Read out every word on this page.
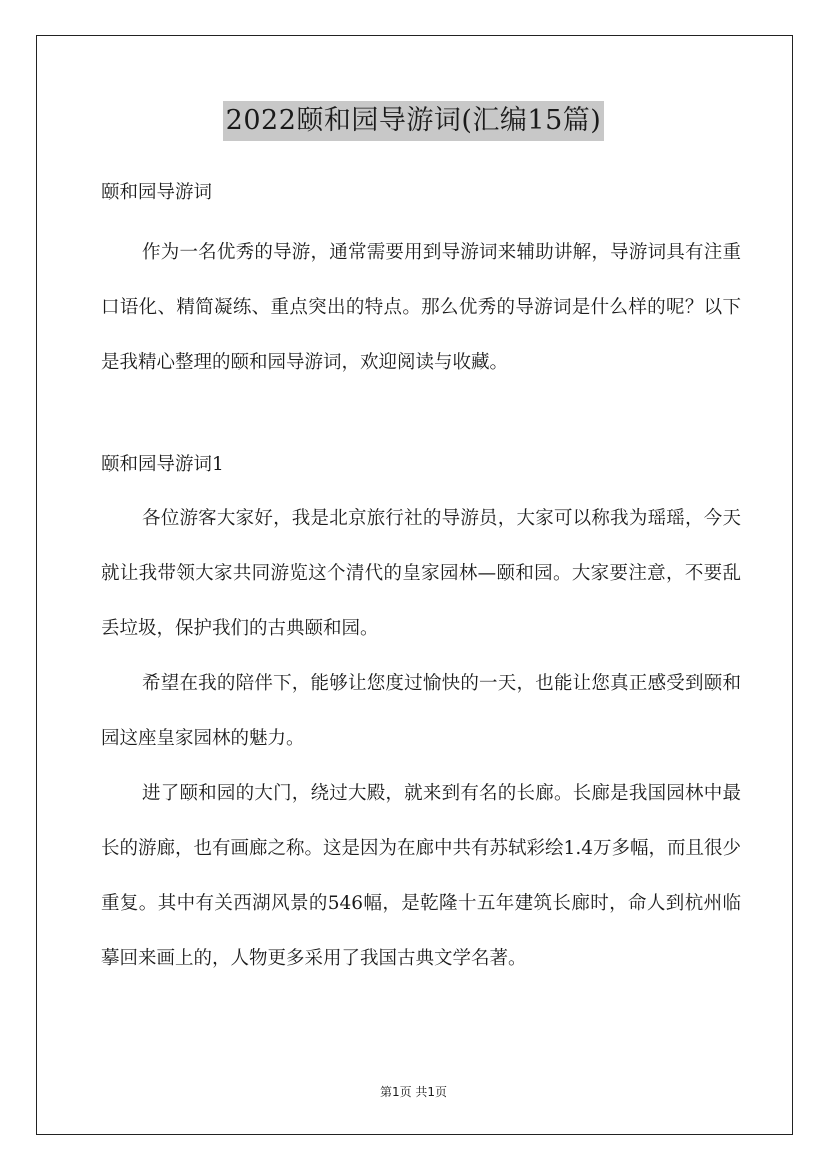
2022颐和园导游词(汇编15篇)
颐和园导游词

作为一名优秀的导游，通常需要用到导游词来辅助讲解，导游词具有注重口语化、精简凝练、重点突出的特点。那么优秀的导游词是什么样的呢？以下是我精心整理的颐和园导游词，欢迎阅读与收藏。

颐和园导游词1

各位游客大家好，我是北京旅行社的导游员，大家可以称我为瑶瑶，今天就让我带领大家共同游览这个清代的皇家园林—颐和园。大家要注意，不要乱丢垃圾，保护我们的古典颐和园。

希望在我的陪伴下，能够让您度过愉快的一天，也能让您真正感受到颐和园这座皇家园林的魅力。

进了颐和园的大门，绕过大殿，就来到有名的长廊。长廊是我国园林中最长的游廊，也有画廊之称。这是因为在廊中共有苏轼彩绘1.4万多幅，而且很少重复。其中有关西湖风景的546幅，是乾隆十五年建筑长廊时，命人到杭州临摹回来画上的，人物更多采用了我国古典文学名著。

第1页 共1页
